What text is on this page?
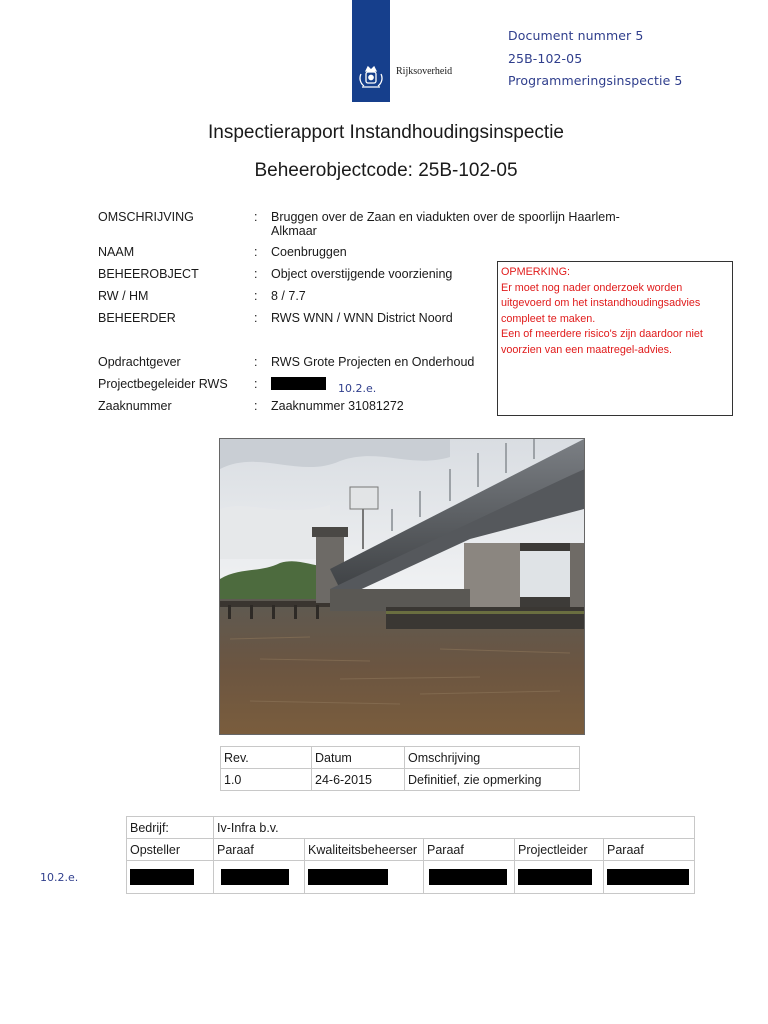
Rijksoverheid
Document nummer 5
25B-102-05
Programmeringsinspectie 5
Inspectierapport Instandhoudingsinspectie
Beheerobjectcode: 25B-102-05
OMSCHRIJVING	: Bruggen over de Zaan en viadukten over de spoorlijn Haarlem-
Alkmaar
NAAM	: Coenbruggen
BEHEEROBJECT	: Object overstijgende voorziening
RW / HM	: 8 / 7.7
BEHEERDER	: RWS WNN / WNN District Noord
Opdrachtgever	: RWS Grote Projecten en Onderhoud
Projectbegeleider RWS :	10.2.e.
Zaaknummer	: Zaaknummer 31081272
OPMERKING:
Er moet nog nader onderzoek worden
uitgevoerd om het instandhoudingsadvies
compleet te maken.
Een of meerdere risico's zijn daardoor niet
voorzien van een maatregel-advies.
Rev.	Datum	Omschrijving
1.0	24-6-2015	Definitief, zie opmerking
Bedrijf:	Iv-Infra b.v.				
Opsteller	Paraaf	Kwaliteitsbeheerser	Paraaf	Projectleider	Paraaf

10.2.e.
